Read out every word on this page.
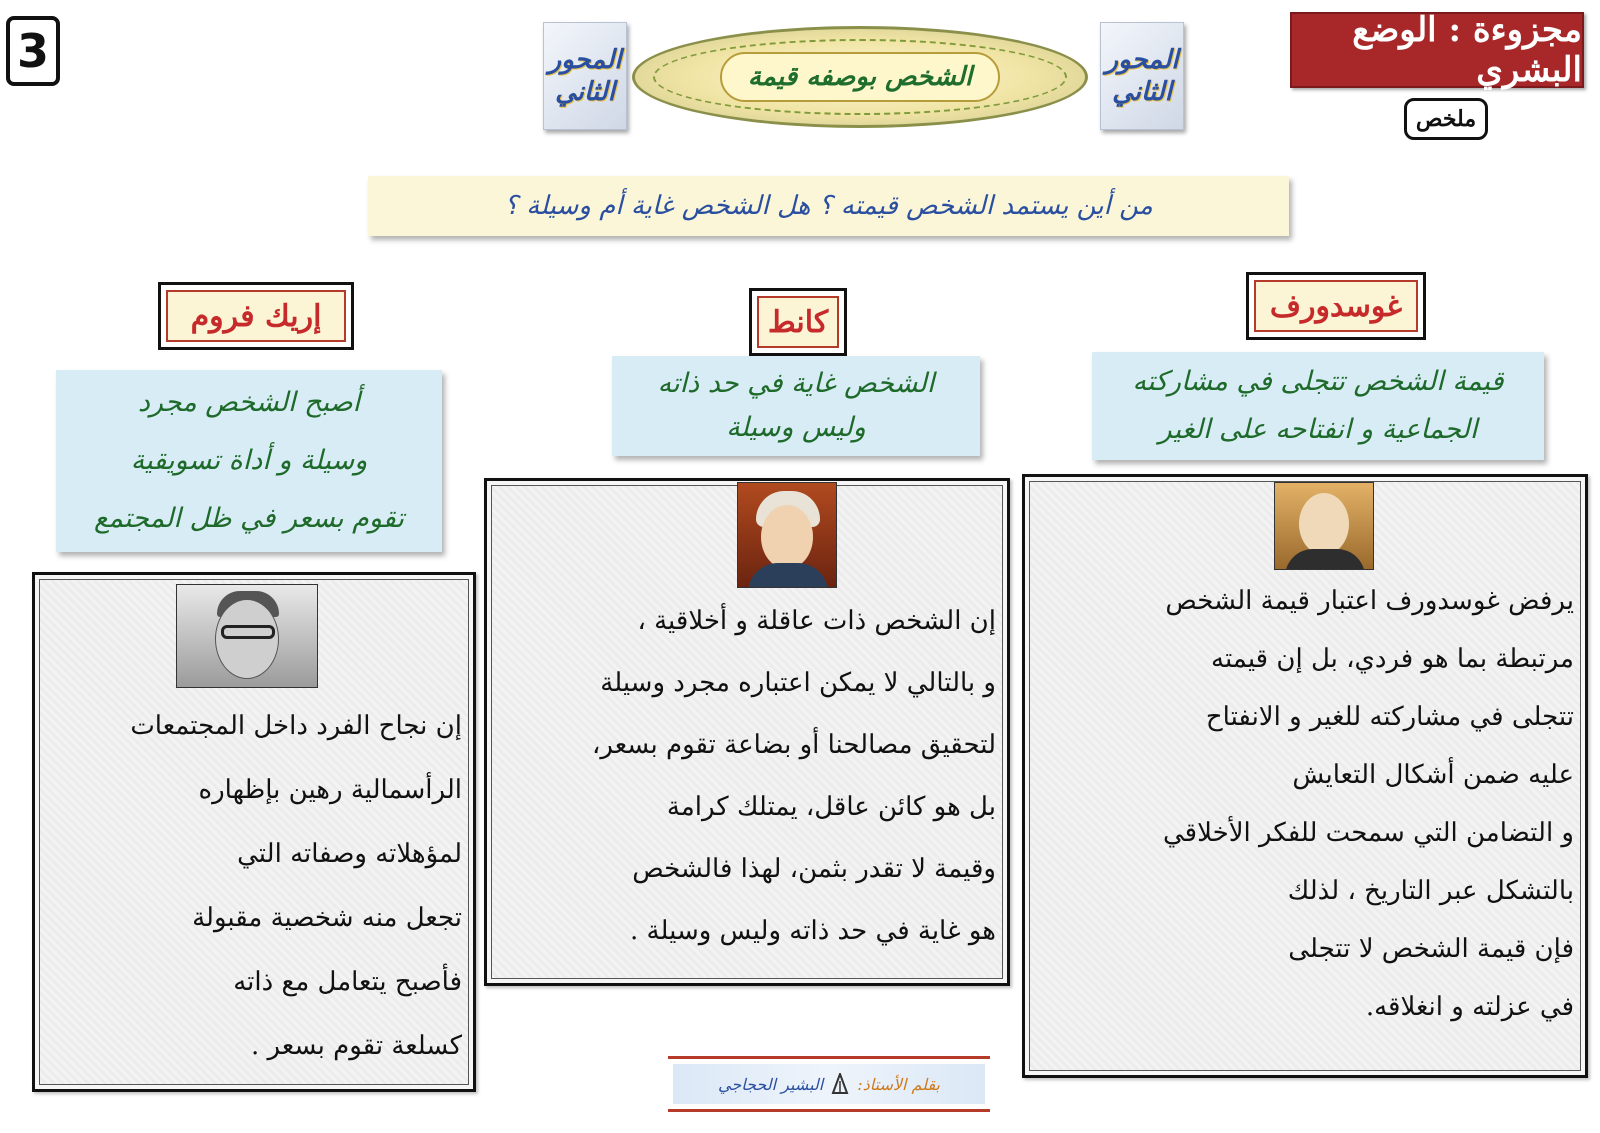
3	مجزوءة : الوضع البشري
ملخص
المحور
الثاني
المحور
الثاني	الشخص بوصفه قيمة
من أين يستمد الشخص قيمته ؟ هل الشخص غاية أم وسيلة ؟
غوسدورف
كانط
إريك فروم
قيمة الشخص تتجلى في مشاركته
الجماعية و انفتاحه على الغير
الشخص غاية في حد ذاته
وليس وسيلة
أصبح الشخص مجرد
وسيلة و أداة تسويقية
تقوم بسعر في ظل المجتمع

يرفض غوسدورف اعتبار قيمة الشخص

مرتبطة بما هو فردي، بل إن قيمته

تتجلى في مشاركته للغير و الانفتاح

عليه ضمن أشكال التعايش

و التضامن التي سمحت للفكر الأخلاقي

بالتشكل عبر التاريخ ، لذلك

فإن قيمة الشخص لا تتجلى

في عزلته و انغلاقه.

إن الشخص ذات عاقلة و أخلاقية ،

و بالتالي لا يمكن اعتباره مجرد وسيلة

لتحقيق مصالحنا أو بضاعة تقوم بسعر،

بل هو كائن عاقل، يمتلك كرامة

وقيمة لا تقدر بثمن، لهذا فالشخص

هو غاية في حد ذاته وليس وسيلة .

إن نجاح الفرد داخل المجتمعات

الرأسمالية رهين بإظهاره

لمؤهلاته وصفاته التي

تجعل منه شخصية مقبولة

فأصبح يتعامل مع ذاته

كسلعة تقوم بسعر .

بقلم الأستاذ:
البشير الحجاجي
